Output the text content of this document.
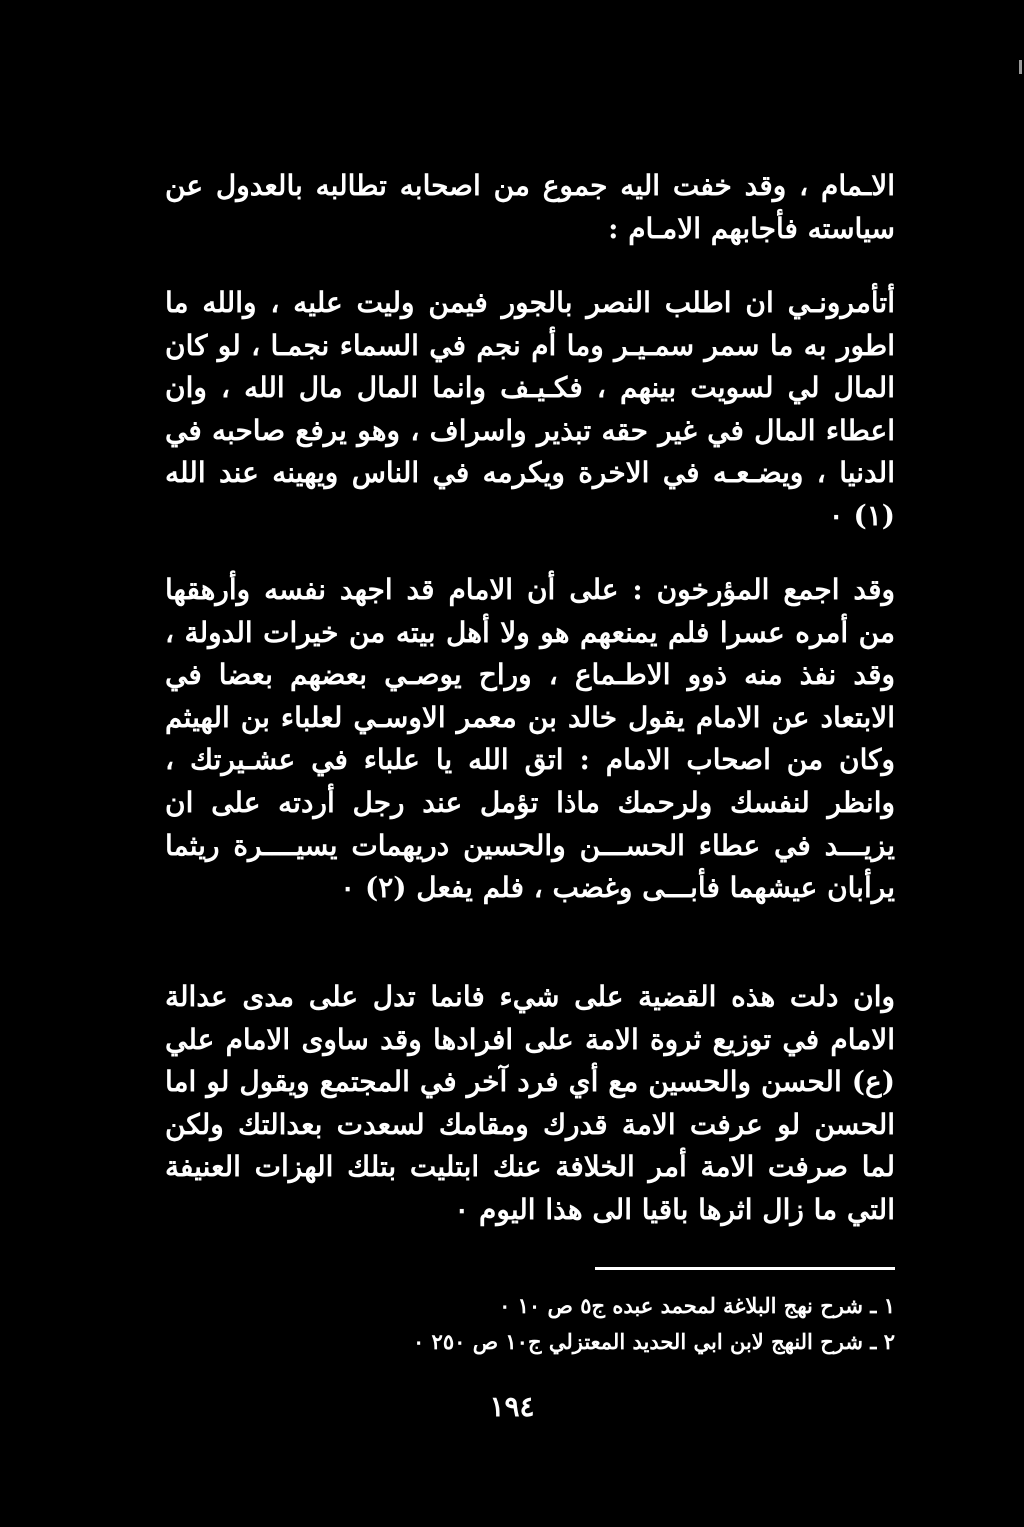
الاـمام ، وقد خفت اليه جموع من اصحابه تطالبه بالعدول عن سياسته فأجابهم الامـام :

أتأمرونـي ان اطلب النصر بالجور فيمن وليت عليه ، والله ما اطور به ما سمر سمـيـر وما أم نجم في السماء نجمـا ، لو كان المال لي لسويت بينهم ، فكـيـف وانما المال مال الله ، وان اعطاء المال في غير حقه تبذير واسراف ، وهو يرفع صاحبه في الدنيا ، ويضـعـه في الاخرة ويكرمه في الناس ويهينه عند الله (١) ٠

وقد اجمع المؤرخون : على أن الامام قد اجهد نفسه وأرهقها من أمره عسرا فلم يمنعهم هو ولا أهل بيته من خيرات الدولة ، وقد نفذ منه ذوو الاطـماع ، وراح يوصـي بعضهم بعضا في الابتعاد عن الامام يقول خالد بن معمر الاوسـي لعلباء بن الهيثم وكان من اصحاب الامام : اتق الله يا علباء في عشـيرتك ، وانظر لنفسك ولرحمك ماذا تؤمل عند رجل أردته على ان يزيـــد في عطاء الحســـن والحسين دريهمات يسيــــرة ريثما يرأبان عيشهما فأبـــى وغضب ، فلم يفعل (٢) ٠

وان دلت هذه القضية على شيء فانما تدل على مدى عدالة الامام في توزيع ثروة الامة على افرادها وقد ساوى الامام علي (ع) الحسن والحسين مع أي فرد آخر في المجتمع ويقول لو اما الحسن لو عرفت الامة قدرك ومقامك لسعدت بعدالتك ولكن لما صرفت الامة أمر الخلافة عنك ابتليت بتلك الهزات العنيفة التي ما زال اثرها باقيا الى هذا اليوم ٠

١ ـ شرح نهج البلاغة لمحمد عبده ج٥ ص ١٠ ٠
٢ ـ شرح النهج لابن ابي الحديد المعتزلي ج١٠ ص ٢٥٠ ٠
١٩٤
